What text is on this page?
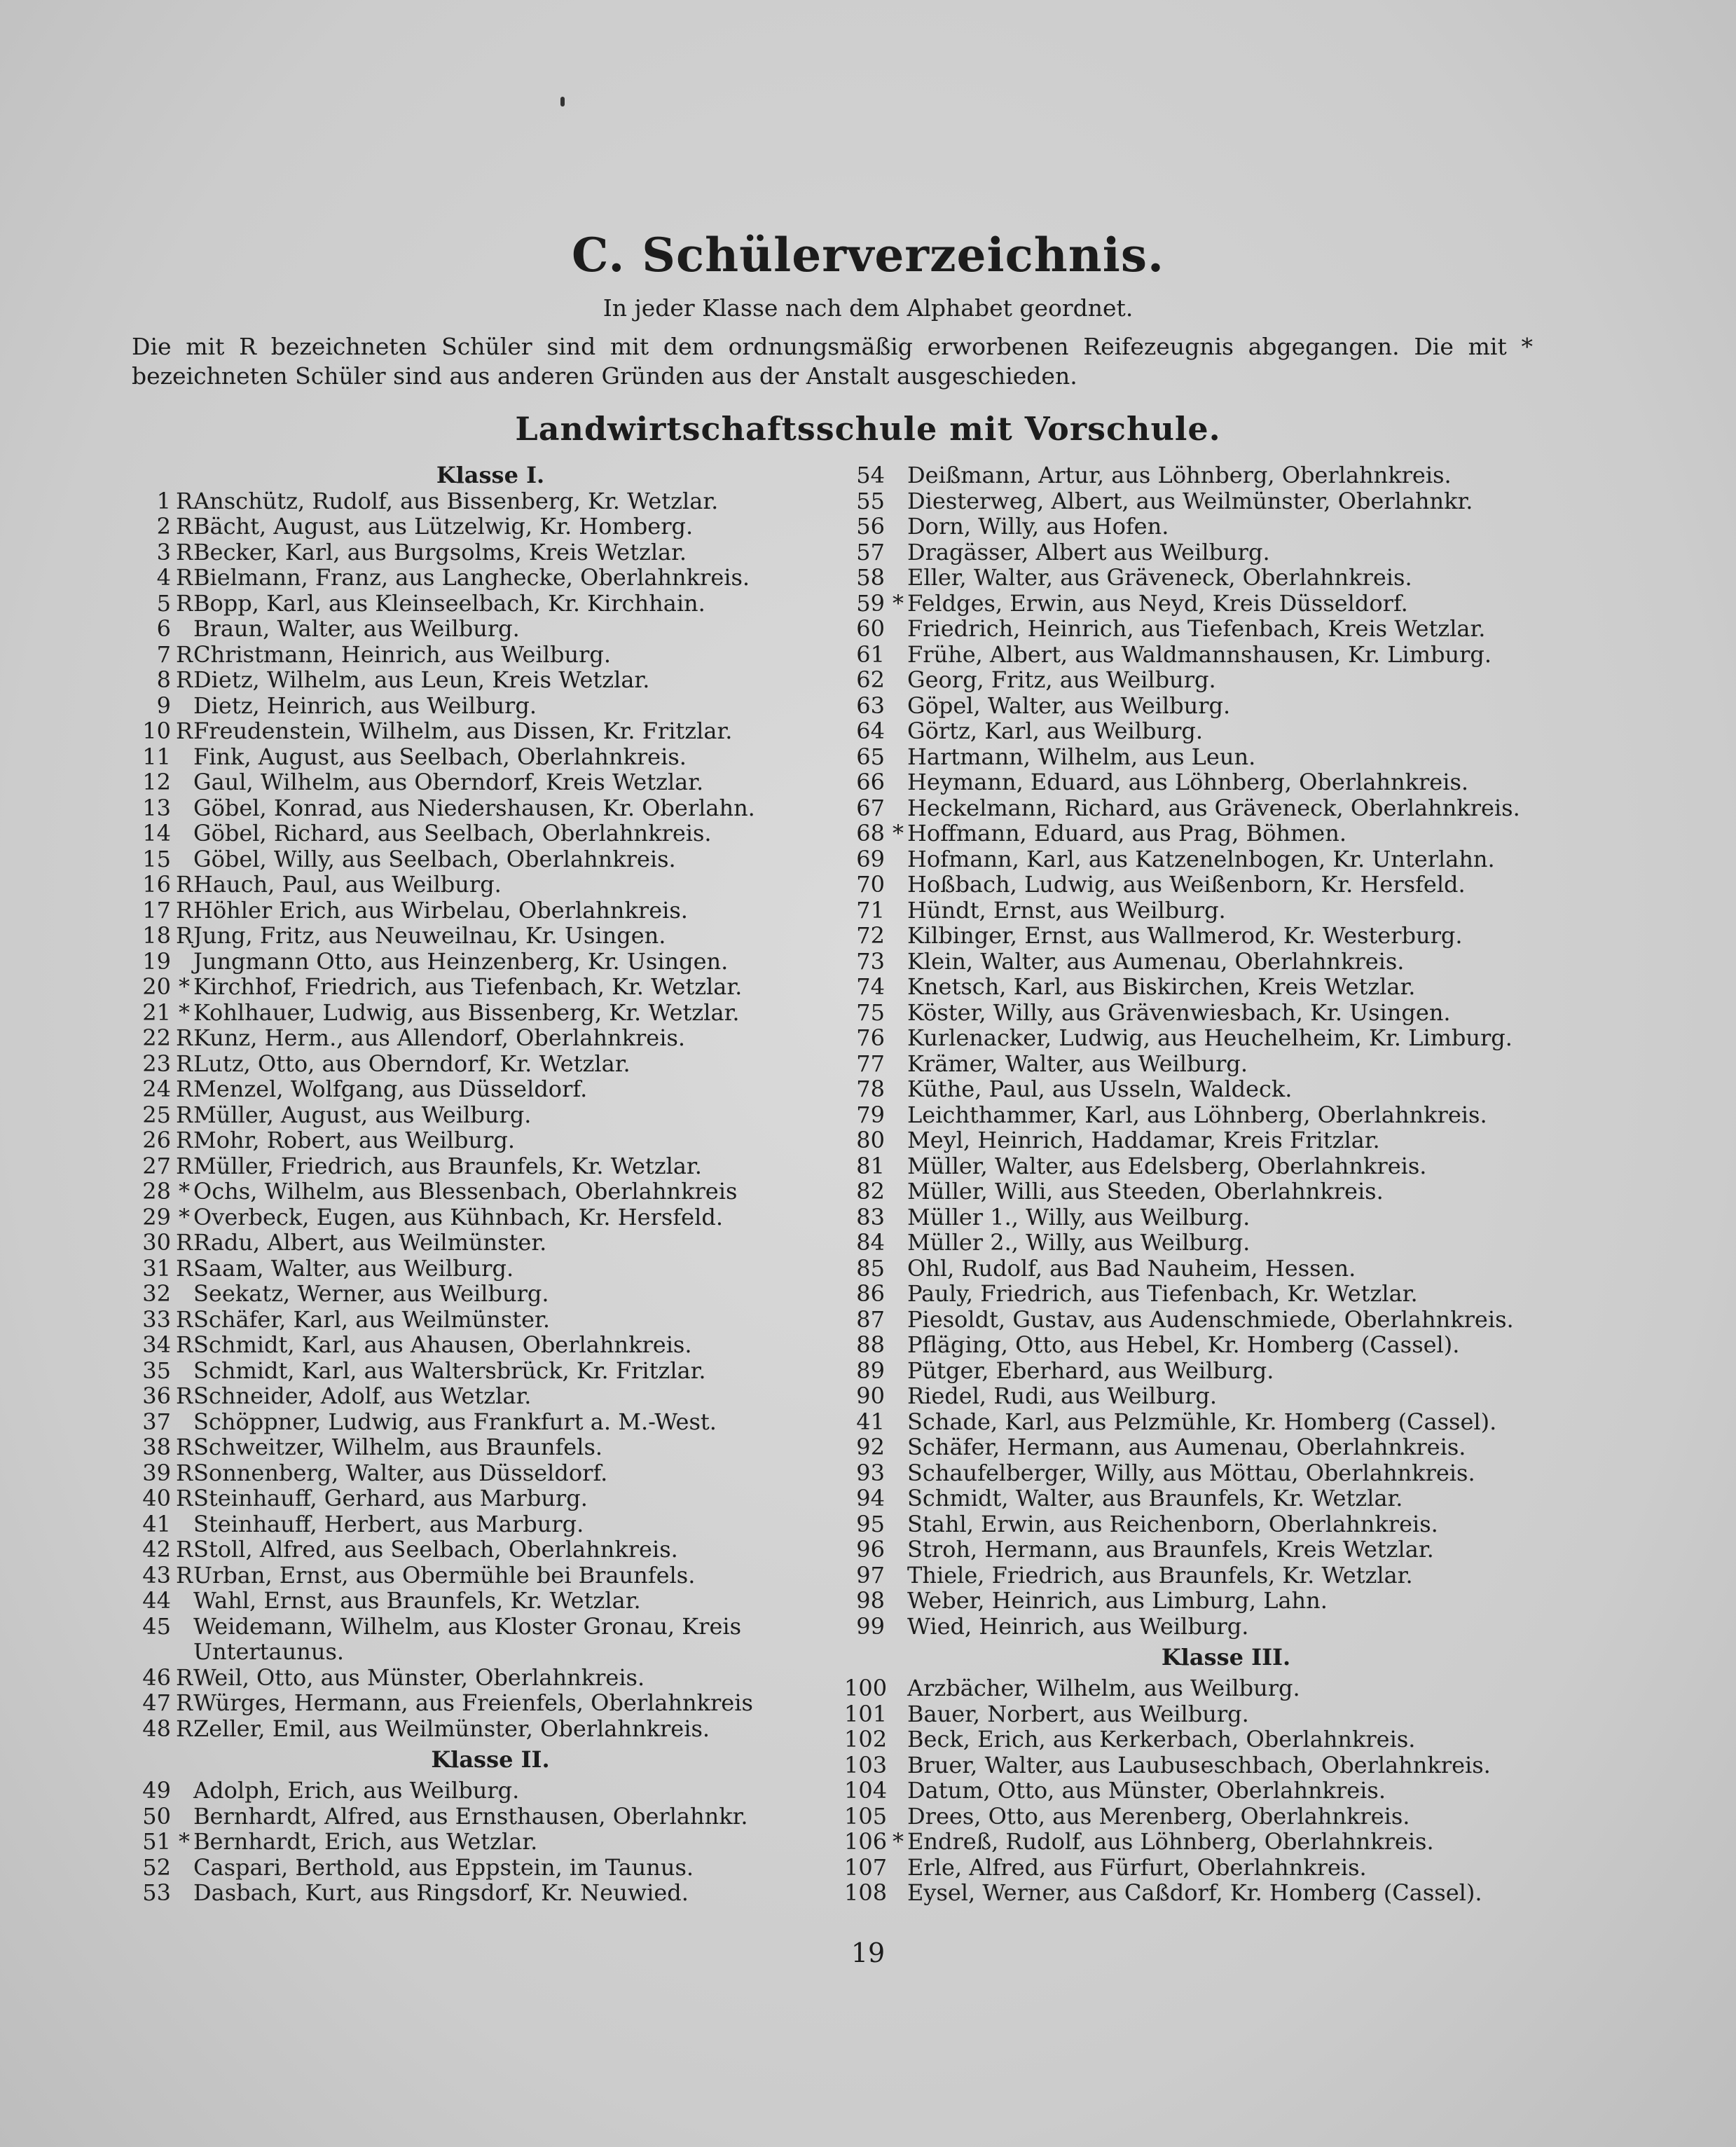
C. Schülerverzeichnis.
In jeder Klasse nach dem Alphabet geordnet.
Die mit R bezeichneten Schüler sind mit dem ordnungsmäßig erworbenen Reifezeugnis abgegangen. Die mit * bezeichneten Schüler sind aus anderen Gründen aus der Anstalt ausgeschieden.
Landwirtschaftsschule mit Vorschule.
Klasse I.
1 R Anschütz, Rudolf, aus Bissenberg, Kr. Wetzlar.
2 R Bächt, August, aus Lützelwig, Kr. Homberg.
3 R Becker, Karl, aus Burgsolms, Kreis Wetzlar.
4 R Bielmann, Franz, aus Langhecke, Oberlahnkreis.
5 R Bopp, Karl, aus Kleinseelbach, Kr. Kirchhain.
6 Braun, Walter, aus Weilburg.
7 R Christmann, Heinrich, aus Weilburg.
8 R Dietz, Wilhelm, aus Leun, Kreis Wetzlar.
9 Dietz, Heinrich, aus Weilburg.
10 R Freudenstein, Wilhelm, aus Dissen, Kr. Fritzlar.
11 Fink, August, aus Seelbach, Oberlahnkreis.
12 Gaul, Wilhelm, aus Oberndorf, Kreis Wetzlar.
13 Göbel, Konrad, aus Niedershausen, Kr. Oberlahn.
14 Göbel, Richard, aus Seelbach, Oberlahnkreis.
15 Göbel, Willy, aus Seelbach, Oberlahnkreis.
16 R Hauch, Paul, aus Weilburg.
17 R Höhler Erich, aus Wirbelau, Oberlahnkreis.
18 R Jung, Fritz, aus Neuweilnau, Kr. Usingen.
19 Jungmann Otto, aus Heinzenberg, Kr. Usingen.
20 * Kirchhof, Friedrich, aus Tiefenbach, Kr. Wetzlar.
21 * Kohlhauer, Ludwig, aus Bissenberg, Kr. Wetzlar.
22 R Kunz, Herm., aus Allendorf, Oberlahnkreis.
23 R Lutz, Otto, aus Oberndorf, Kr. Wetzlar.
24 R Menzel, Wolfgang, aus Düsseldorf.
25 R Müller, August, aus Weilburg.
26 R Mohr, Robert, aus Weilburg.
27 R Müller, Friedrich, aus Braunfels, Kr. Wetzlar.
28 * Ochs, Wilhelm, aus Blessenbach, Oberlahnkreis
29 * Overbeck, Eugen, aus Kühnbach, Kr. Hersfeld.
30 R Radu, Albert, aus Weilmünster.
31 R Saam, Walter, aus Weilburg.
32 Seekatz, Werner, aus Weilburg.
33 R Schäfer, Karl, aus Weilmünster.
34 R Schmidt, Karl, aus Ahausen, Oberlahnkreis.
35 Schmidt, Karl, aus Waltersbrück, Kr. Fritzlar.
36 R Schneider, Adolf, aus Wetzlar.
37 Schöppner, Ludwig, aus Frankfurt a. M.-West.
38 R Schweitzer, Wilhelm, aus Braunfels.
39 R Sonnenberg, Walter, aus Düsseldorf.
40 R Steinhauff, Gerhard, aus Marburg.
41 Steinhauff, Herbert, aus Marburg.
42 R Stoll, Alfred, aus Seelbach, Oberlahnkreis.
43 R Urban, Ernst, aus Obermühle bei Braunfels.
44 Wahl, Ernst, aus Braunfels, Kr. Wetzlar.
45 Weidemann, Wilhelm, aus Kloster Gronau, Kreis
Untertaunus.
46 R Weil, Otto, aus Münster, Oberlahnkreis.
47 R Würges, Hermann, aus Freienfels, Oberlahnkreis
48 R Zeller, Emil, aus Weilmünster, Oberlahnkreis.
Klasse II.
49 Adolph, Erich, aus Weilburg.
50 Bernhardt, Alfred, aus Ernsthausen, Oberlahnkr.
51 * Bernhardt, Erich, aus Wetzlar.
52 Caspari, Berthold, aus Eppstein, im Taunus.
53 Dasbach, Kurt, aus Ringsdorf, Kr. Neuwied.
54 Deißmann, Artur, aus Löhnberg, Oberlahnkreis.
55 Diesterweg, Albert, aus Weilmünster, Oberlahnkr.
56 Dorn, Willy, aus Hofen.
57 Dragässer, Albert aus Weilburg.
58 Eller, Walter, aus Gräveneck, Oberlahnkreis.
59 * Feldges, Erwin, aus Neyd, Kreis Düsseldorf.
60 Friedrich, Heinrich, aus Tiefenbach, Kreis Wetzlar.
61 Frühe, Albert, aus Waldmannshausen, Kr. Limburg.
62 Georg, Fritz, aus Weilburg.
63 Göpel, Walter, aus Weilburg.
64 Görtz, Karl, aus Weilburg.
65 Hartmann, Wilhelm, aus Leun.
66 Heymann, Eduard, aus Löhnberg, Oberlahnkreis.
67 Heckelmann, Richard, aus Gräveneck, Oberlahnkreis.
68 * Hoffmann, Eduard, aus Prag, Böhmen.
69 Hofmann, Karl, aus Katzenelnbogen, Kr. Unterlahn.
70 Hoßbach, Ludwig, aus Weißenborn, Kr. Hersfeld.
71 Hündt, Ernst, aus Weilburg.
72 Kilbinger, Ernst, aus Wallmerod, Kr. Westerburg.
73 Klein, Walter, aus Aumenau, Oberlahnkreis.
74 Knetsch, Karl, aus Biskirchen, Kreis Wetzlar.
75 Köster, Willy, aus Grävenwiesbach, Kr. Usingen.
76 Kurlenacker, Ludwig, aus Heuchelheim, Kr. Limburg.
77 Krämer, Walter, aus Weilburg.
78 Küthe, Paul, aus Usseln, Waldeck.
79 Leichthammer, Karl, aus Löhnberg, Oberlahnkreis.
80 Meyl, Heinrich, Haddamar, Kreis Fritzlar.
81 Müller, Walter, aus Edelsberg, Oberlahnkreis.
82 Müller, Willi, aus Steeden, Oberlahnkreis.
83 Müller 1., Willy, aus Weilburg.
84 Müller 2., Willy, aus Weilburg.
85 Ohl, Rudolf, aus Bad Nauheim, Hessen.
86 Pauly, Friedrich, aus Tiefenbach, Kr. Wetzlar.
87 Piesoldt, Gustav, aus Audenschmiede, Oberlahnkreis.
88 Pfläging, Otto, aus Hebel, Kr. Homberg (Cassel).
89 Pütger, Eberhard, aus Weilburg.
90 Riedel, Rudi, aus Weilburg.
41 Schade, Karl, aus Pelzmühle, Kr. Homberg (Cassel).
92 Schäfer, Hermann, aus Aumenau, Oberlahnkreis.
93 Schaufelberger, Willy, aus Möttau, Oberlahnkreis.
94 Schmidt, Walter, aus Braunfels, Kr. Wetzlar.
95 Stahl, Erwin, aus Reichenborn, Oberlahnkreis.
96 Stroh, Hermann, aus Braunfels, Kreis Wetzlar.
97 Thiele, Friedrich, aus Braunfels, Kr. Wetzlar.
98 Weber, Heinrich, aus Limburg, Lahn.
99 Wied, Heinrich, aus Weilburg.
Klasse III.
100 Arzbächer, Wilhelm, aus Weilburg.
101 Bauer, Norbert, aus Weilburg.
102 Beck, Erich, aus Kerkerbach, Oberlahnkreis.
103 Bruer, Walter, aus Laubuseschbach, Oberlahnkreis.
104 Datum, Otto, aus Münster, Oberlahnkreis.
105 Drees, Otto, aus Merenberg, Oberlahnkreis.
106 * Endreß, Rudolf, aus Löhnberg, Oberlahnkreis.
107 Erle, Alfred, aus Fürfurt, Oberlahnkreis.
108 Eysel, Werner, aus Caßdorf, Kr. Homberg (Cassel).
19
